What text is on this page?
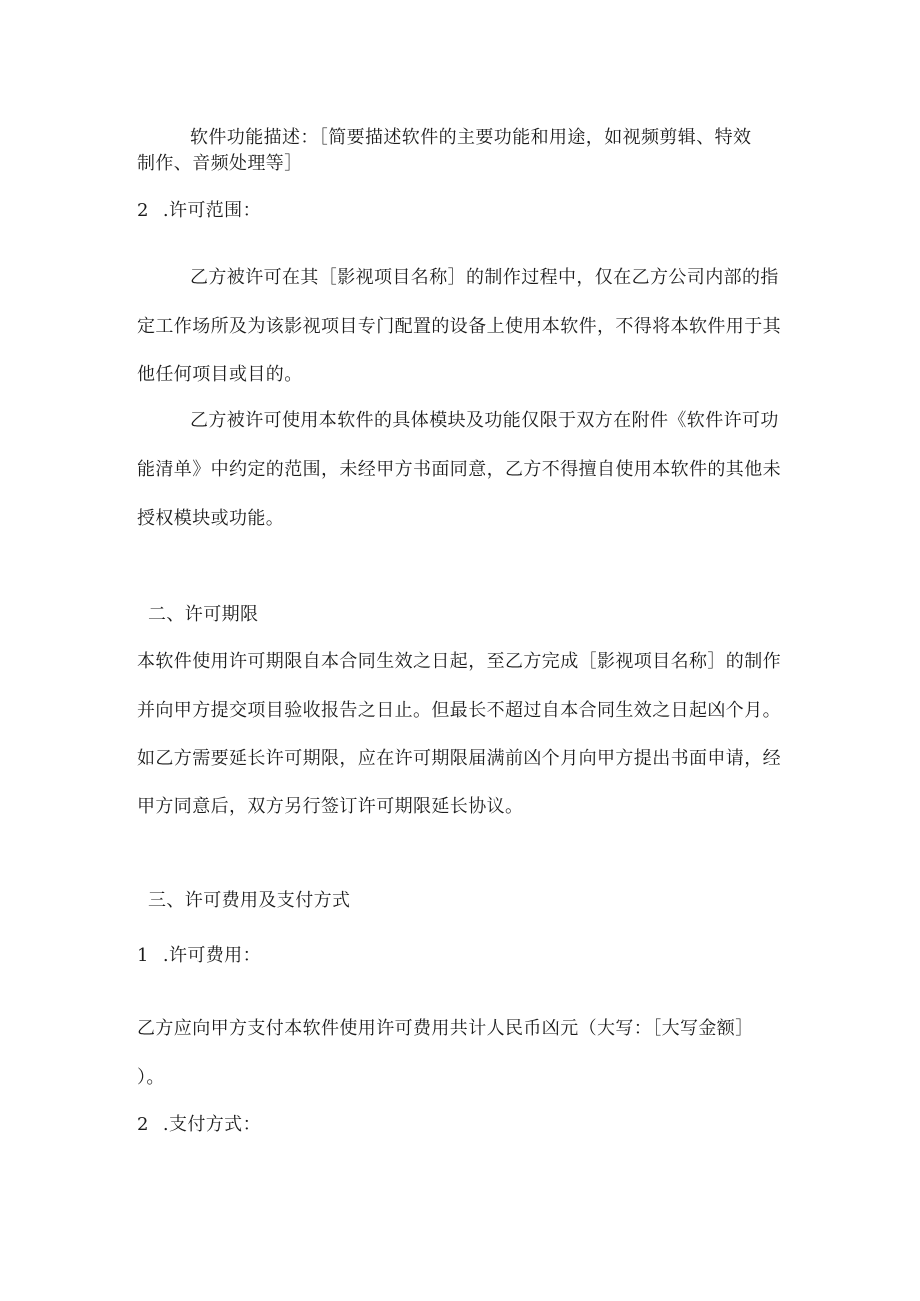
软件功能描述：［简要描述软件的主要功能和用途，如视频剪辑、特效
制作、音频处理等］
2 .许可范围：
乙方被许可在其［影视项目名称］的制作过程中，仅在乙方公司内部的指
定工作场所及为该影视项目专门配置的设备上使用本软件，不得将本软件用于其
他任何项目或目的。
乙方被许可使用本软件的具体模块及功能仅限于双方在附件《软件许可功
能清单》中约定的范围，未经甲方书面同意，乙方不得擅自使用本软件的其他未
授权模块或功能。
二、许可期限
本软件使用许可期限自本合同生效之日起，至乙方完成［影视项目名称］的制作
并向甲方提交项目验收报告之日止。但最长不超过自本合同生效之日起凶个月。
如乙方需要延长许可期限，应在许可期限届满前凶个月向甲方提出书面申请，经
甲方同意后，双方另行签订许可期限延长协议。
三、许可费用及支付方式
1 .许可费用：
乙方应向甲方支付本软件使用许可费用共计人民币凶元（大写：［大写金额］
）。
2 .支付方式：
